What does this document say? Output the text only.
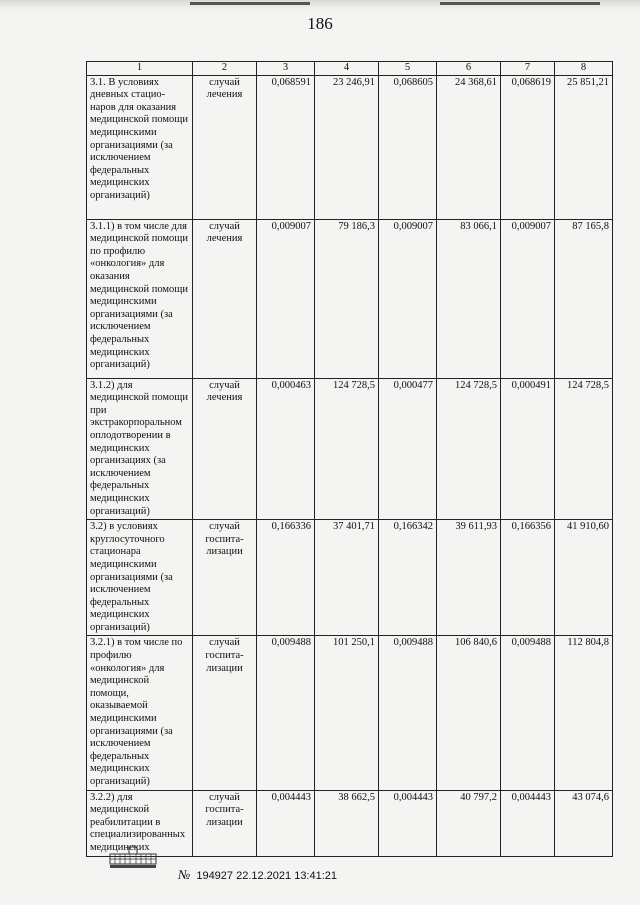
186
1	2	3	4	5	6	7	8
3.1. В условиях дневных стацио-наров для оказания медицинской помощи медицинскими организациями (за исключением федеральных медицинских организаций)	случай лечения	0,068591	23 246,91	0,068605	24 368,61	0,068619	25 851,21
3.1.1) в том числе для медицинской помощи по профилю «онкология» для оказания медицинской помощи медицинскими организациями (за исключением федеральных медицинских организаций)	случай лечения	0,009007	79 186,3	0,009007	83 066,1	0,009007	87 165,8
3.1.2) для медицинской помощи при экстракорпоральном оплодотворении в медицинских организациях (за исключением федеральных медицинских организаций)	случай лечения	0,000463	124 728,5	0,000477	124 728,5	0,000491	124 728,5
3.2) в условиях круглосуточного стационара медицинскими организациями (за исключением федеральных медицинских организаций)	случай госпита-лизации	0,166336	37 401,71	0,166342	39 611,93	0,166356	41 910,60
3.2.1) в том числе по профилю «онкология» для медицинской помощи, оказываемой медицинскими организациями (за исключением федеральных медицинских организаций)	случай госпита-лизации	0,009488	101 250,1	0,009488	106 840,6	0,009488	112 804,8
3.2.2) для медицинской реабилитации в специализированных медицинских	случай госпита-лизации	0,004443	38 662,5	0,004443	40 797,2	0,004443	43 074,6
№ 194927 22.12.2021 13:41:21
